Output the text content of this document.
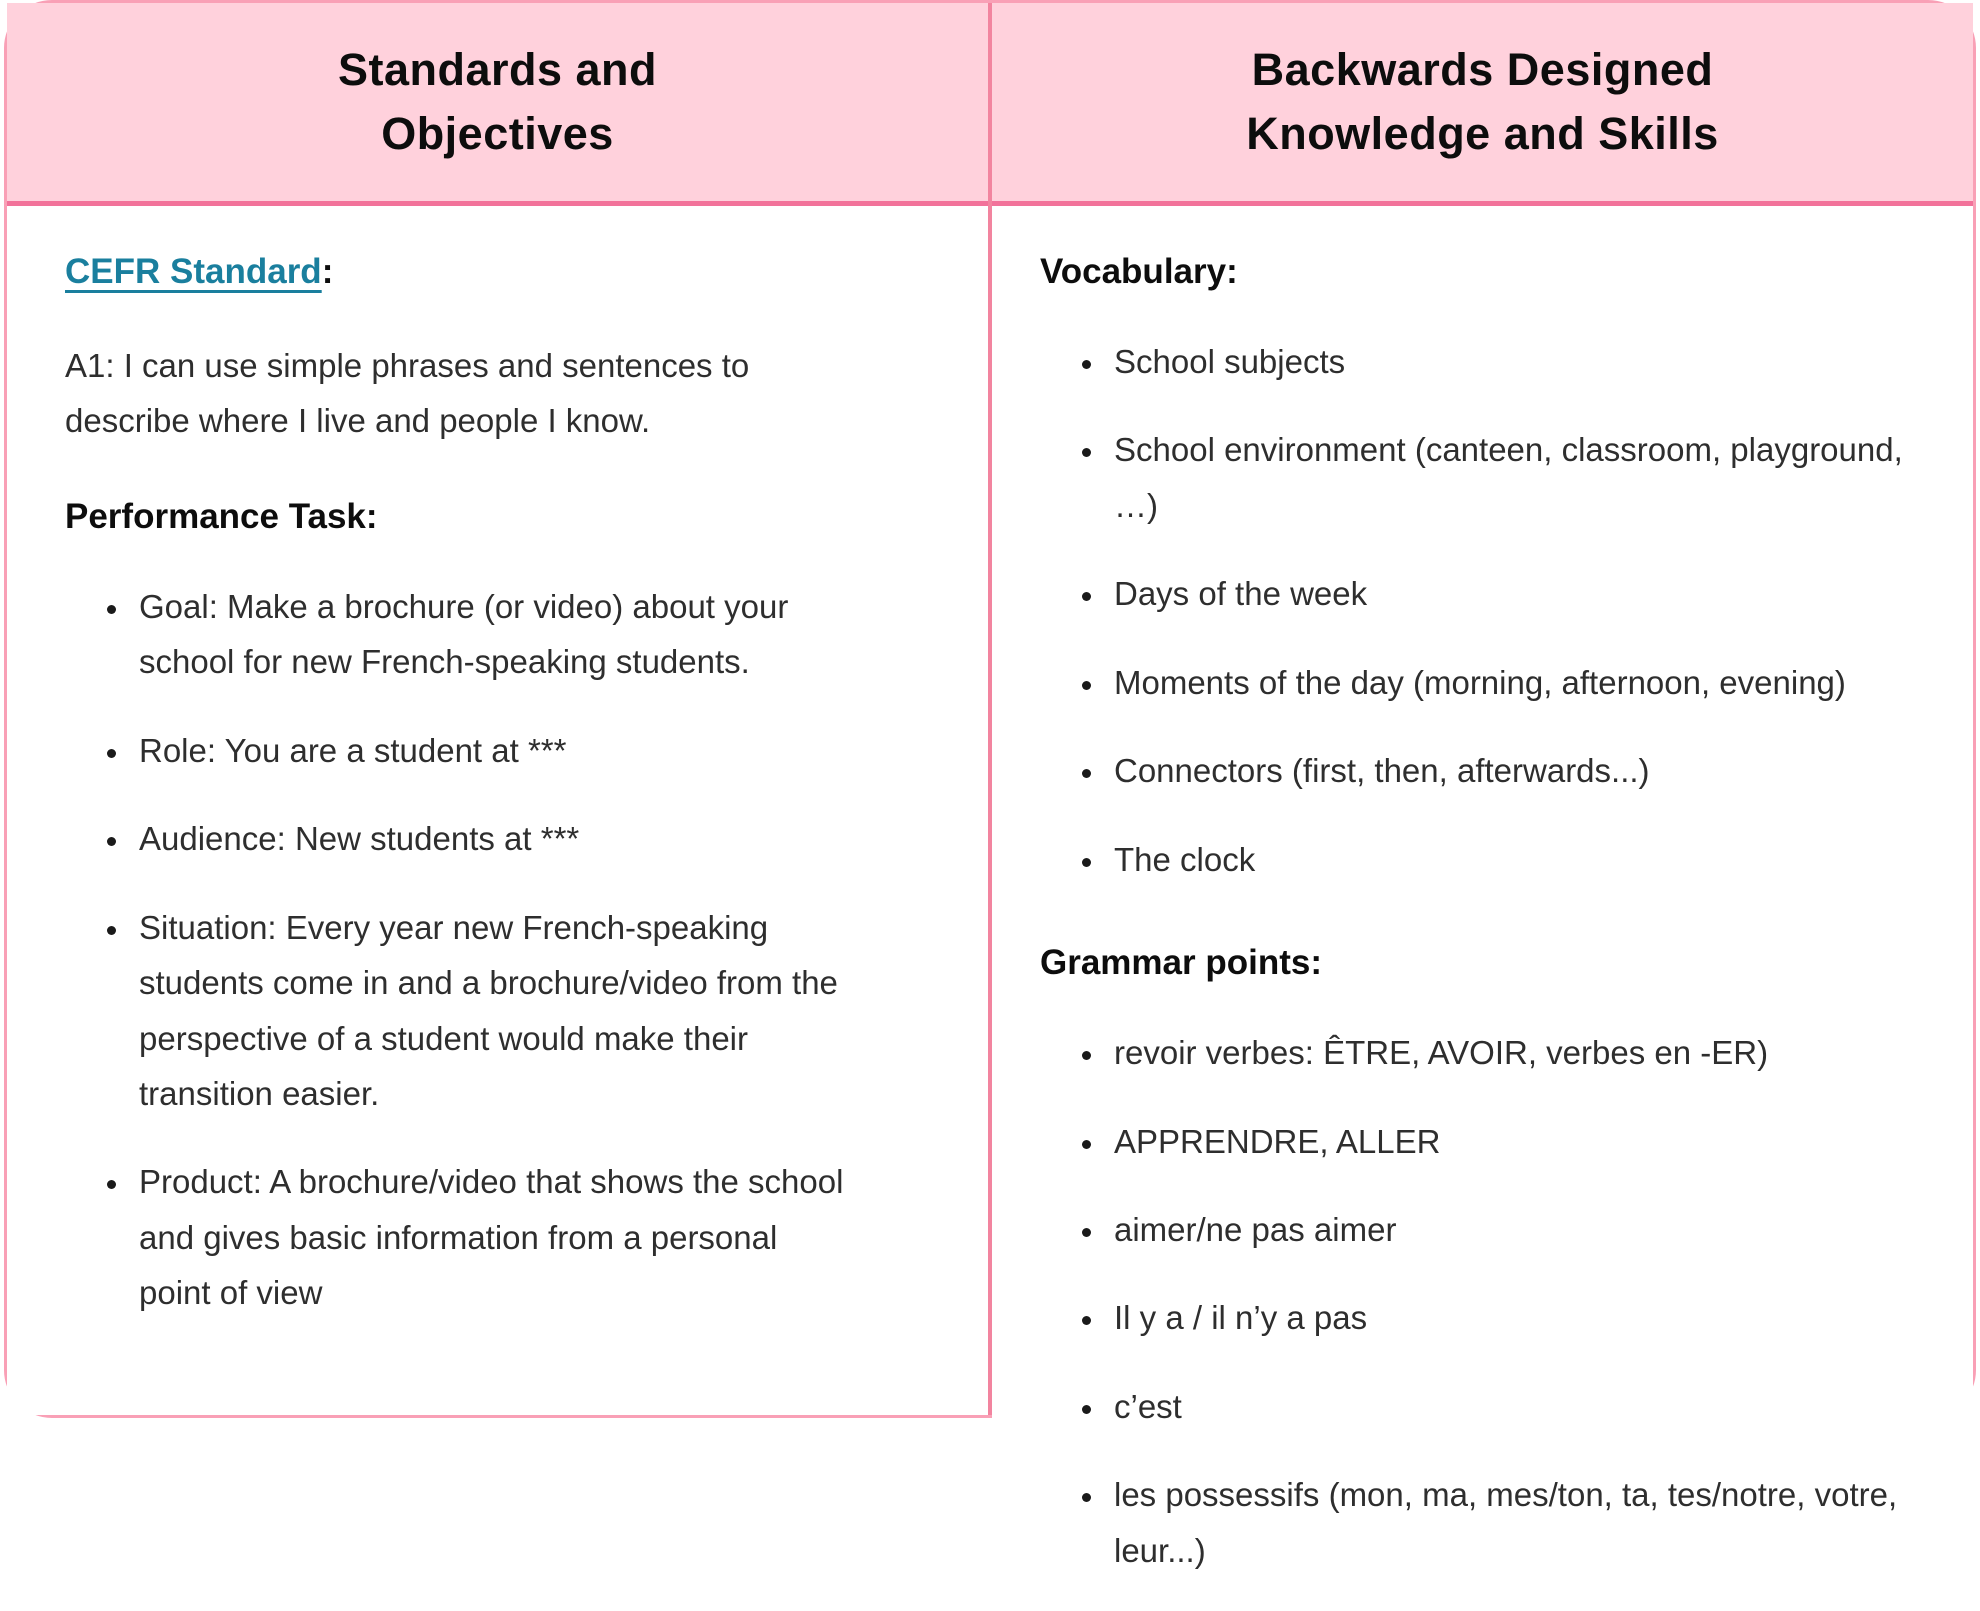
Standards and
Objectives

CEFR Standard:

A1: I can use simple phrases and sentences to describe where I live and people I know.

Performance Task:

• Goal: Make a brochure (or video) about your school for new French-speaking students.
• Role: You are a student at ***
• Audience: New students at ***
• Situation: Every year new French-speaking students come in and a brochure/video from the perspective of a student would make their transition easier.
• Product: A brochure/video that shows the school and gives basic information from a personal point of view
Backwards Designed
Knowledge and Skills

Vocabulary:

• School subjects
• School environment (canteen, classroom, playground, …)
• Days of the week
• Moments of the day (morning, afternoon, evening)
• Connectors (first, then, afterwards...)
• The clock

Grammar points:

• revoir verbes: ÊTRE, AVOIR, verbes en -ER)
• APPRENDRE, ALLER
• aimer/ne pas aimer
• Il y a / il n’y a pas
• c’est
• les possessifs (mon, ma, mes/ton, ta, tes/notre, votre, leur...)
